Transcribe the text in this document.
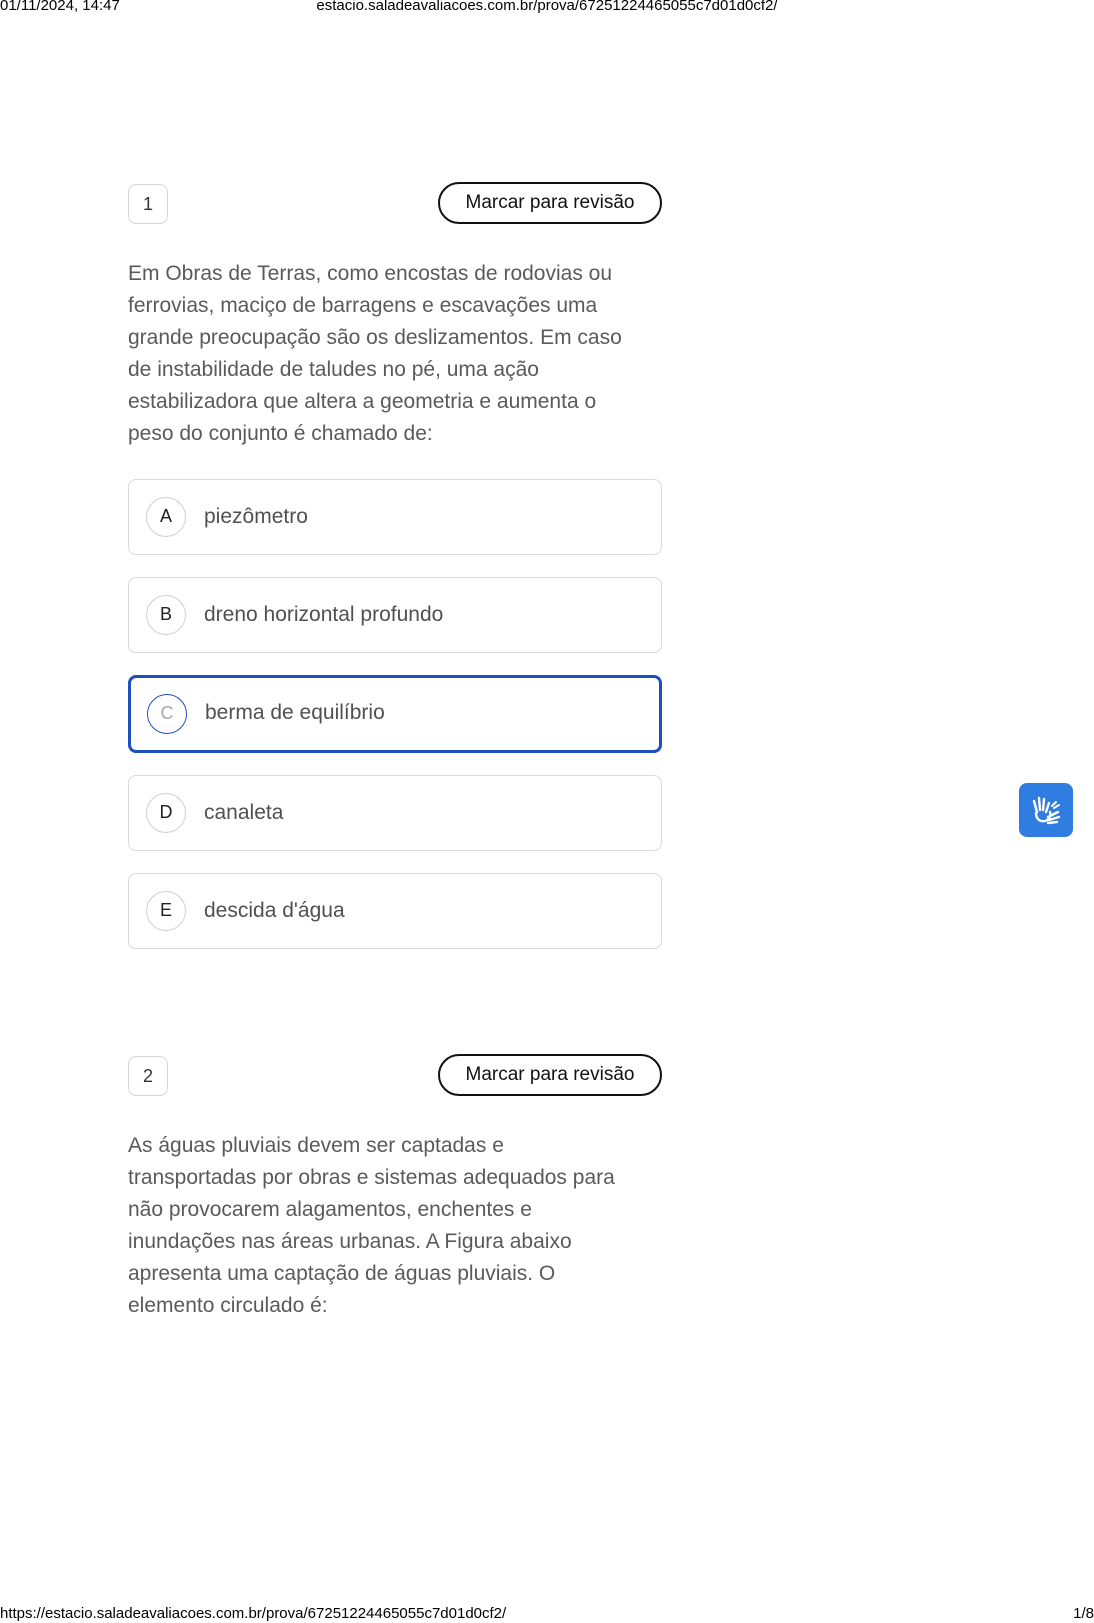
01/11/2024, 14:47	estacio.saladeavaliacoes.com.br/prova/67251224465055c7d01d0cf2/
1	Marcar para revisão

Em Obras de Terras, como encostas de rodovias ou
ferrovias, maciço de barragens e escavações uma
grande preocupação são os deslizamentos. Em caso
de instabilidade de taludes no pé, uma ação
estabilizadora que altera a geometria e aumenta o
peso do conjunto é chamado de:

A	piezômetro
B	dreno horizontal profundo
C	berma de equilíbrio
D	canaleta
E	descida d'água
2	Marcar para revisão

As águas pluviais devem ser captadas e
transportadas por obras e sistemas adequados para
não provocarem alagamentos, enchentes e
inundações nas áreas urbanas. A Figura abaixo
apresenta uma captação de águas pluviais. O
elemento circulado é:

https://estacio.saladeavaliacoes.com.br/prova/67251224465055c7d01d0cf2/	1/8
